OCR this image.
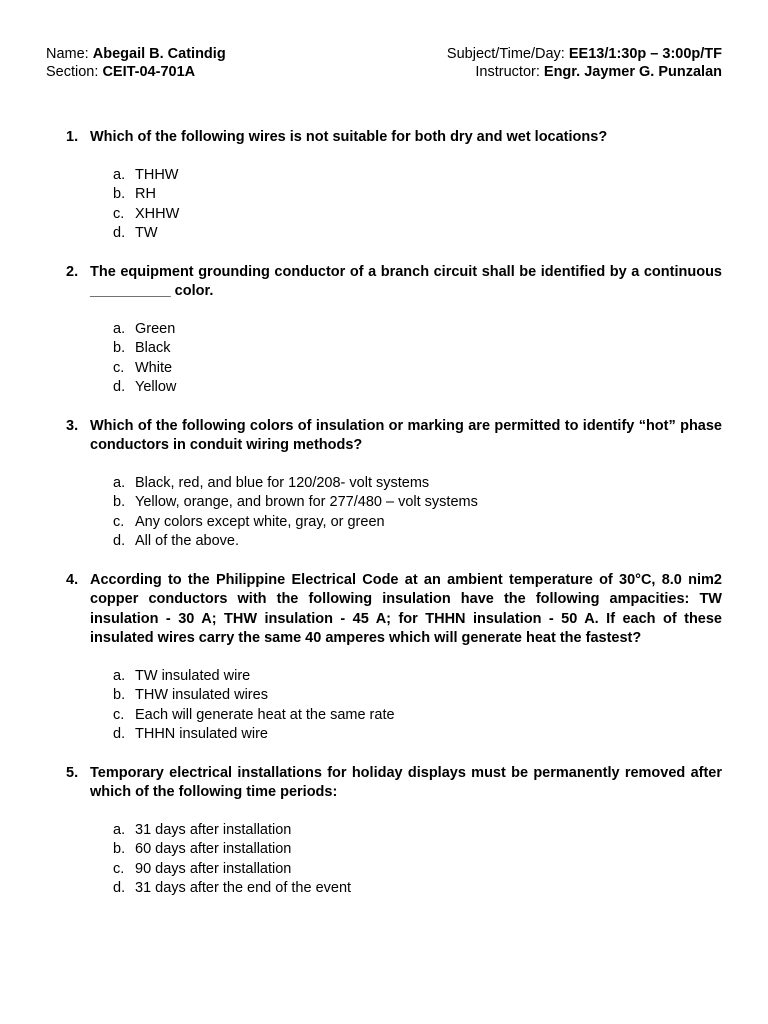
Name: Abegail B. Catindig	Subject/Time/Day: EE13/1:30p – 3:00p/TF
Section: CEIT-04-701A	Instructor: Engr. Jaymer G. Punzalan
1. Which of the following wires is not suitable for both dry and wet locations?
a. THHW
b. RH
c. XHHW
d. TW
2. The equipment grounding conductor of a branch circuit shall be identified by a continuous __________ color.
a. Green
b. Black
c. White
d. Yellow
3. Which of the following colors of insulation or marking are permitted to identify “hot” phase conductors in conduit wiring methods?
a. Black, red, and blue for 120/208- volt systems
b. Yellow, orange, and brown for 277/480 – volt systems
c. Any colors except white, gray, or green
d. All of the above.
4. According to the Philippine Electrical Code at an ambient temperature of 30°C, 8.0 nim2 copper conductors with the following insulation have the following ampacities: TW insulation - 30 A; THW insulation - 45 A; for THHN insulation - 50 A. If each of these insulated wires carry the same 40 amperes which will generate heat the fastest?
a. TW insulated wire
b. THW insulated wires
c. Each will generate heat at the same rate
d. THHN insulated wire
5. Temporary electrical installations for holiday displays must be permanently removed after which of the following time periods:
a. 31 days after installation
b. 60 days after installation
c. 90 days after installation
d. 31 days after the end of the event
